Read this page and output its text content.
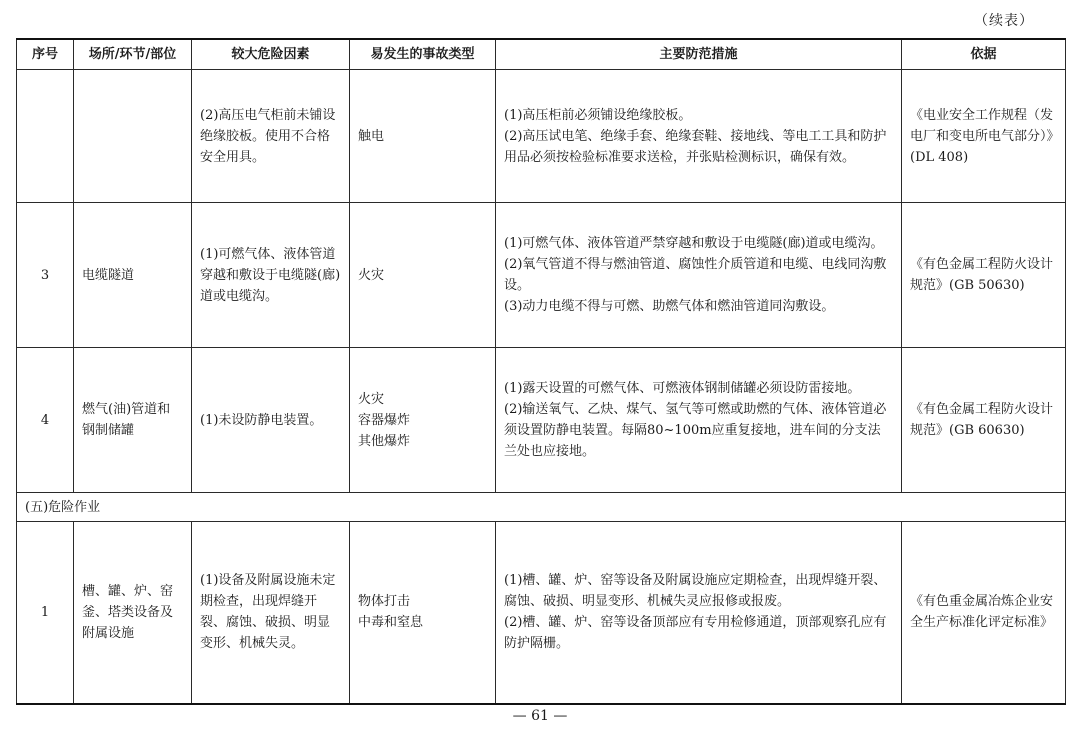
（续表）
序号	场所/环节/部位	较大危险因素	易发生的事故类型	主要防范措施	依据
		(2)高压电气柜前未铺设绝缘胶板。使用不合格安全用具。	触电	(1)高压柜前必须铺设绝缘胶板。
(2)高压试电笔、绝缘手套、绝缘套鞋、接地线、等电工工具和防护用品必须按检验标准要求送检，并张贴检测标识，确保有效。	《电业安全工作规程（发电厂和变电所电气部分）》(DL 408)
3	电缆隧道	(1)可燃气体、液体管道穿越和敷设于电缆隧(廊)道或电缆沟。	火灾	(1)可燃气体、液体管道严禁穿越和敷设于电缆隧(廊)道或电缆沟。
(2)氧气管道不得与燃油管道、腐蚀性介质管道和电缆、电线同沟敷设。
(3)动力电缆不得与可燃、助燃气体和燃油管道同沟敷设。	《有色金属工程防火设计规范》(GB 50630)
4	燃气(油)管道和钢制储罐	(1)未设防静电装置。	火灾
容器爆炸
其他爆炸	(1)露天设置的可燃气体、可燃液体钢制储罐必须设防雷接地。
(2)输送氧气、乙炔、煤气、氢气等可燃或助燃的气体、液体管道必须设置防静电装置。每隔80~100m应重复接地，进车间的分支法兰处也应接地。	《有色金属工程防火设计规范》(GB 60630)
(五)危险作业					
1	槽、罐、炉、窑釜、塔类设备及附属设施	(1)设备及附属设施未定期检查，出现焊缝开裂、腐蚀、破损、明显变形、机械失灵。	物体打击
中毒和窒息	(1)槽、罐、炉、窑等设备及附属设施应定期检查，出现焊缝开裂、腐蚀、破损、明显变形、机械失灵应报修或报废。
(2)槽、罐、炉、窑等设备顶部应有专用检修通道，顶部观察孔应有防护隔栅。	《有色重金属冶炼企业安全生产标准化评定标准》
— 61 —
